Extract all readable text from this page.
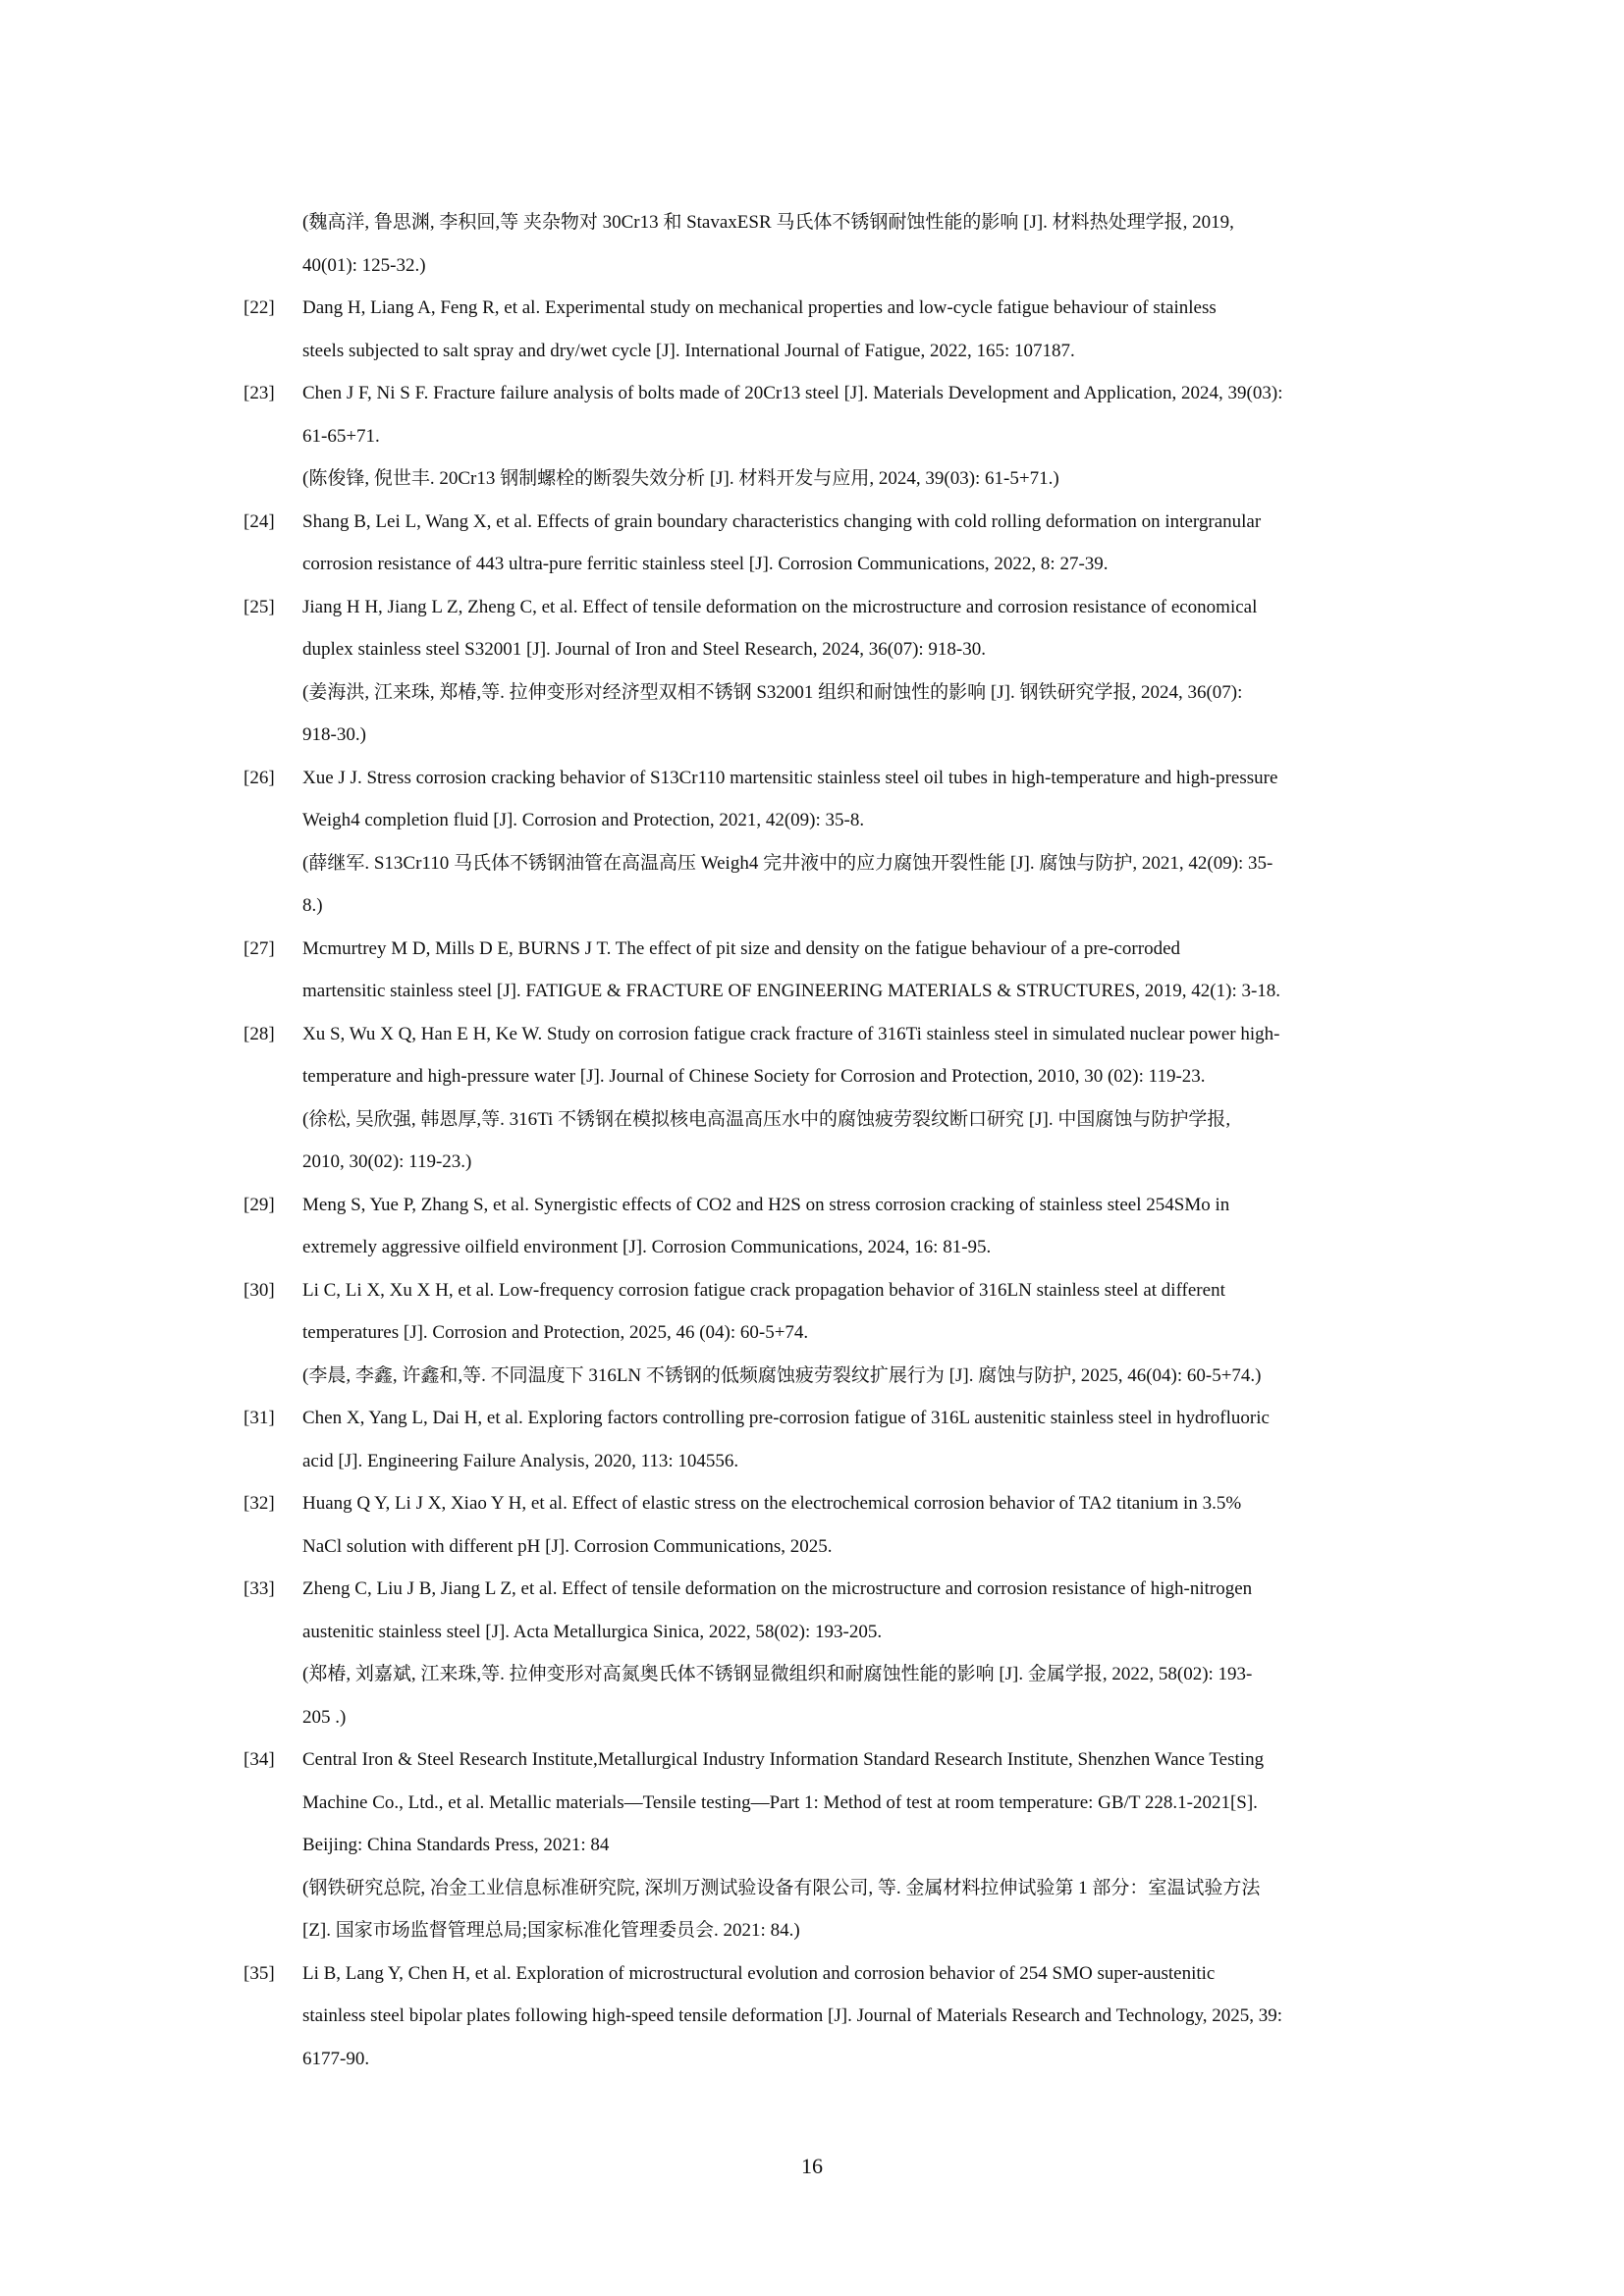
(魏高洋, 鲁思渊, 李积回,等 夹杂物对 30Cr13 和 StavaxESR 马氏体不锈钢耐蚀性能的影响 [J]. 材料热处理学报, 2019,
40(01): 125-32.)
[22]	Dang H, Liang A, Feng R, et al. Experimental study on mechanical properties and low-cycle fatigue behaviour of stainless
steels subjected to salt spray and dry/wet cycle [J]. International Journal of Fatigue, 2022, 165: 107187.
[23]	Chen J F, Ni S F. Fracture failure analysis of bolts made of 20Cr13 steel [J]. Materials Development and Application, 2024, 39(03):
61-65+71.
(陈俊锋, 倪世丰. 20Cr13 钢制螺栓的断裂失效分析 [J]. 材料开发与应用, 2024, 39(03): 61-5+71.)
[24]	Shang B, Lei L, Wang X, et al. Effects of grain boundary characteristics changing with cold rolling deformation on intergranular
corrosion resistance of 443 ultra-pure ferritic stainless steel [J]. Corrosion Communications, 2022, 8: 27-39.
[25]	Jiang H H, Jiang L Z, Zheng C, et al. Effect of tensile deformation on the microstructure and corrosion resistance of economical
duplex stainless steel S32001 [J]. Journal of Iron and Steel Research, 2024, 36(07): 918-30.
(姜海洪, 江来珠, 郑椿,等. 拉伸变形对经济型双相不锈钢 S32001 组织和耐蚀性的影响 [J]. 钢铁研究学报, 2024, 36(07):
918-30.)
[26]	Xue J J. Stress corrosion cracking behavior of S13Cr110 martensitic stainless steel oil tubes in high-temperature and high-pressure
Weigh4 completion fluid [J]. Corrosion and Protection, 2021, 42(09): 35-8.
(薛继军. S13Cr110 马氏体不锈钢油管在高温高压 Weigh4 完井液中的应力腐蚀开裂性能 [J]. 腐蚀与防护, 2021, 42(09): 35-
8.)
[27]	Mcmurtrey M D, Mills D E, BURNS J T. The effect of pit size and density on the fatigue behaviour of a pre-corroded
martensitic stainless steel [J]. FATIGUE & FRACTURE OF ENGINEERING MATERIALS & STRUCTURES, 2019, 42(1): 3-18.
[28]	Xu S, Wu X Q, Han E H, Ke W. Study on corrosion fatigue crack fracture of 316Ti stainless steel in simulated nuclear power high-
temperature and high-pressure water [J]. Journal of Chinese Society for Corrosion and Protection, 2010, 30 (02): 119-23.
(徐松, 吴欣强, 韩恩厚,等. 316Ti 不锈钢在模拟核电高温高压水中的腐蚀疲劳裂纹断口研究 [J]. 中国腐蚀与防护学报,
2010, 30(02): 119-23.)
[29]	Meng S, Yue P, Zhang S, et al. Synergistic effects of CO2 and H2S on stress corrosion cracking of stainless steel 254SMo in
extremely aggressive oilfield environment [J]. Corrosion Communications, 2024, 16: 81-95.
[30]	Li C, Li X, Xu X H, et al. Low-frequency corrosion fatigue crack propagation behavior of 316LN stainless steel at different
temperatures [J]. Corrosion and Protection, 2025, 46 (04): 60-5+74.
(李晨, 李鑫, 许鑫和,等. 不同温度下 316LN 不锈钢的低频腐蚀疲劳裂纹扩展行为 [J]. 腐蚀与防护, 2025, 46(04): 60-5+74.)
[31]	Chen X, Yang L, Dai H, et al. Exploring factors controlling pre-corrosion fatigue of 316L austenitic stainless steel in hydrofluoric
acid [J]. Engineering Failure Analysis, 2020, 113: 104556.
[32]	Huang Q Y, Li J X, Xiao Y H, et al. Effect of elastic stress on the electrochemical corrosion behavior of TA2 titanium in 3.5%
NaCl solution with different pH [J]. Corrosion Communications, 2025.
[33]	Zheng C, Liu J B, Jiang L Z, et al. Effect of tensile deformation on the microstructure and corrosion resistance of high-nitrogen
austenitic stainless steel [J]. Acta Metallurgica Sinica, 2022, 58(02): 193-205.
(郑椿, 刘嘉斌, 江来珠,等. 拉伸变形对高氮奥氏体不锈钢显微组织和耐腐蚀性能的影响 [J]. 金属学报, 2022, 58(02): 193-
205 .)
[34]	Central Iron & Steel Research Institute,Metallurgical Industry Information Standard Research Institute, Shenzhen Wance Testing
Machine Co., Ltd., et al. Metallic materials—Tensile testing—Part 1: Method of test at room temperature: GB/T 228.1-2021[S].
Beijing: China Standards Press, 2021: 84
(钢铁研究总院, 冶金工业信息标准研究院, 深圳万测试验设备有限公司, 等. 金属材料拉伸试验第 1 部分：室温试验方法
[Z]. 国家市场监督管理总局;国家标准化管理委员会. 2021: 84.)
[35]	Li B, Lang Y, Chen H, et al. Exploration of microstructural evolution and corrosion behavior of 254 SMO super-austenitic
stainless steel bipolar plates following high-speed tensile deformation [J]. Journal of Materials Research and Technology, 2025, 39:
6177-90.
16
